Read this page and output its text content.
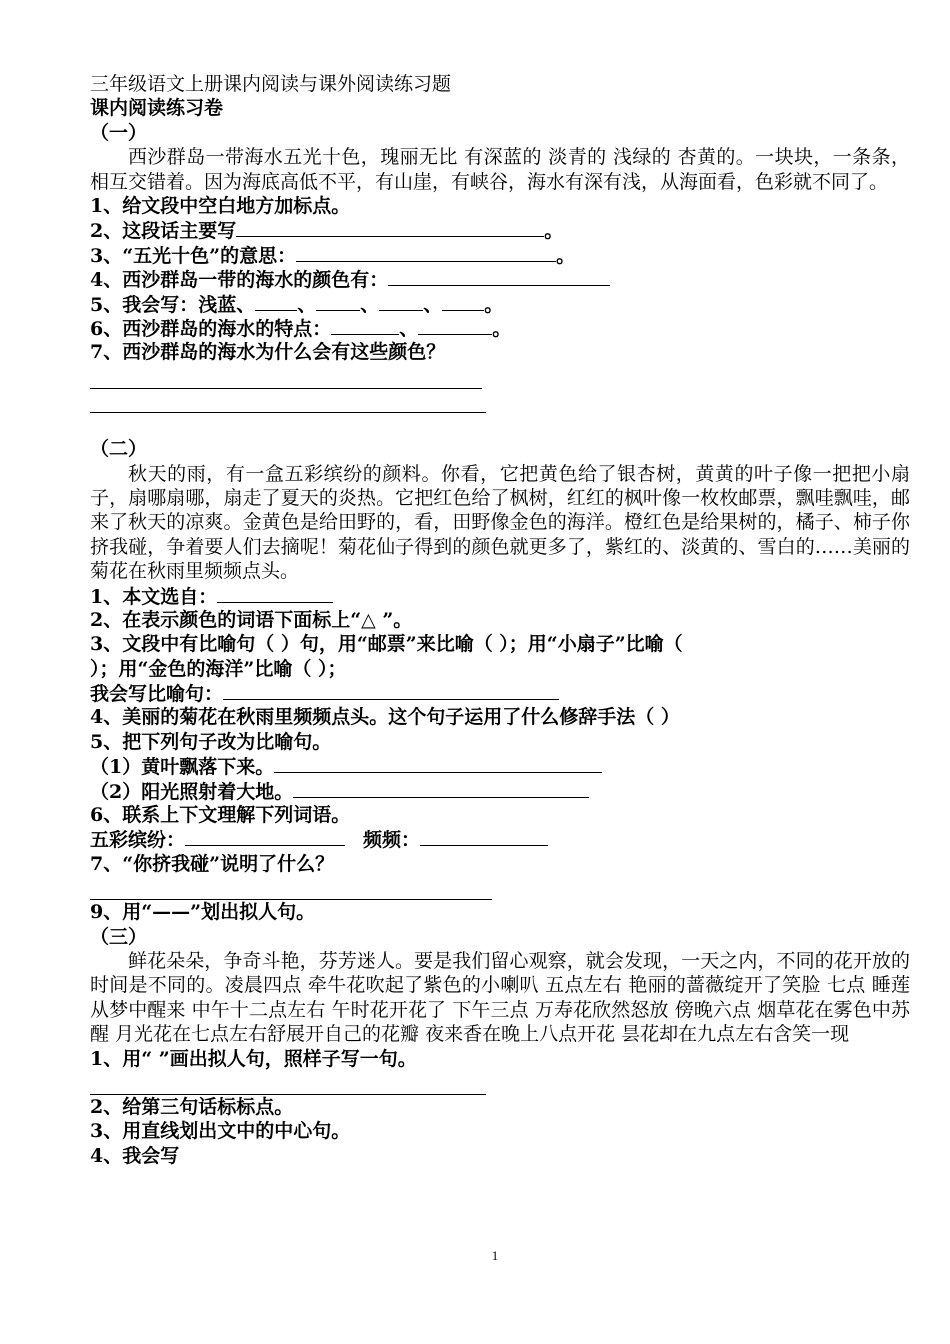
三年级语文上册课内阅读与课外阅读练习题
课内阅读练习卷
（一）

西沙群岛一带海水五光十色，瑰丽无比 有深蓝的 淡青的 浅绿的 杏黄的。一块块，一条条，相互交错着。因为海底高低不平，有山崖，有峡谷，海水有深有浅，从海面看，色彩就不同了。

1、给文段中空白地方加标点。
2、这段话主要写	。
3、“五光十色”的意思：	。
4、西沙群岛一带的海水的颜色有：
5、我会写：浅蓝、 、 、 、 。
6、西沙群岛的海水的特点：	、	。
7、西沙群岛的海水为什么会有这些颜色？
（二）

秋天的雨，有一盒五彩缤纷的颜料。你看，它把黄色给了银杏树，黄黄的叶子像一把把小扇子，扇哪扇哪，扇走了夏天的炎热。它把红色给了枫树，红红的枫叶像一枚枚邮票，飘哇飘哇，邮来了秋天的凉爽。金黄色是给田野的，看，田野像金色的海洋。橙红色是给果树的，橘子、柿子你挤我碰，争着要人们去摘呢！菊花仙子得到的颜色就更多了，紫红的、淡黄的、雪白的……美丽的菊花在秋雨里频频点头。

1、本文选自：
2、在表示颜色的词语下面标上“△ ”。
3、文段中有比喻句（ ）句，用“邮票”来比喻（ ）；用“小扇子”比喻（
）；用“金色的海洋”比喻（ ）；
我会写比喻句：
4、美丽的菊花在秋雨里频频点头。这个句子运用了什么修辞手法（ ）
5、把下列句子改为比喻句。
（1）黄叶飘落下来。
（2）阳光照射着大地。
6、联系上下文理解下列词语。
五彩缤纷：	频频：
7、“你挤我碰”说明了什么？
9、用“——”划出拟人句。
（三）

鲜花朵朵，争奇斗艳，芬芳迷人。要是我们留心观察，就会发现，一天之内，不同的花开放的时间是不同的。凌晨四点 牵牛花吹起了紫色的小喇叭 五点左右 艳丽的蔷薇绽开了笑脸 七点 睡莲从梦中醒来 中午十二点左右 午时花开花了 下午三点 万寿花欣然怒放 傍晚六点 烟草花在雾色中苏醒 月光花在七点左右舒展开自己的花瓣 夜来香在晚上八点开花 昙花却在九点左右含笑一现

1、用“ ”画出拟人句，照样子写一句。
2、给第三句话标标点。
3、用直线划出文中的中心句。
4、我会写
1
